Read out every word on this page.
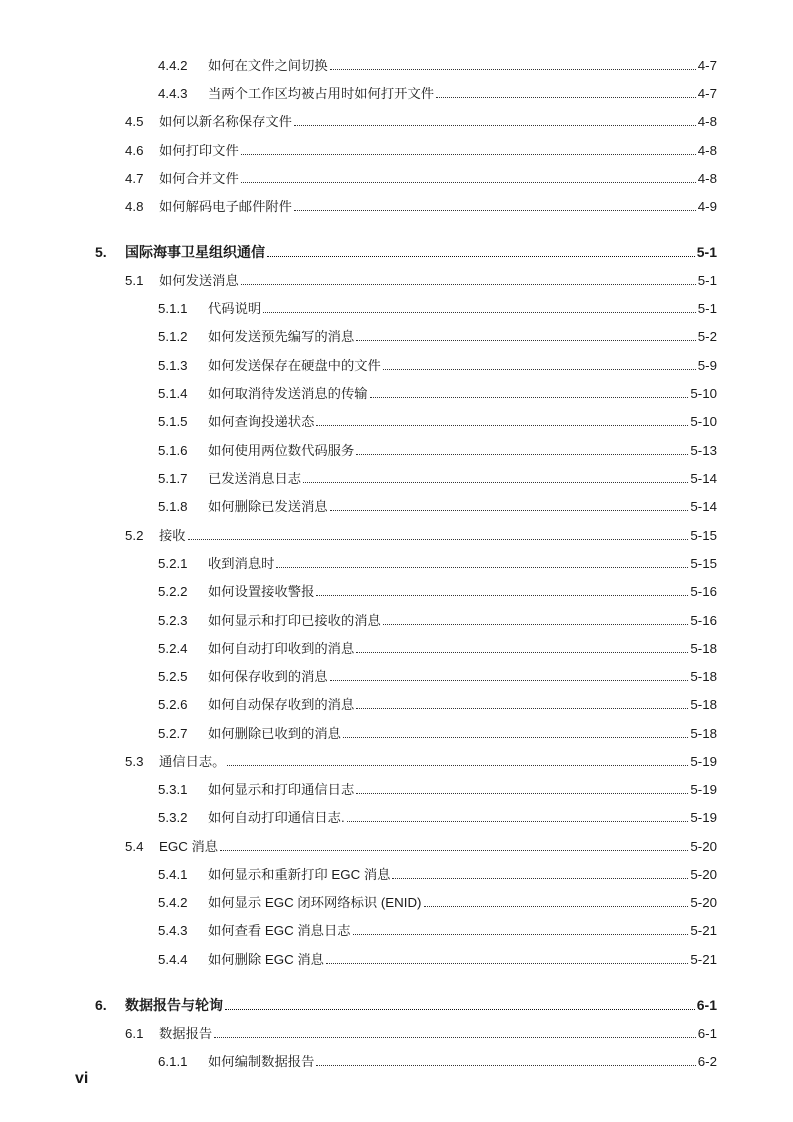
4.4.2	如何在文件之间切换	4-7
4.4.3	当两个工作区均被占用时如何打开文件	4-7
4.5	如何以新名称保存文件	4-8
4.6	如何打印文件	4-8
4.7	如何合并文件	4-8
4.8	如何解码电子邮件附件	4-9
5.	国际海事卫星组织通信	5-1
5.1	如何发送消息	5-1
5.1.1	代码说明	5-1
5.1.2	如何发送预先编写的消息	5-2
5.1.3	如何发送保存在硬盘中的文件	5-9
5.1.4	如何取消待发送消息的传输	5-10
5.1.5	如何查询投递状态	5-10
5.1.6	如何使用两位数代码服务	5-13
5.1.7	已发送消息日志	5-14
5.1.8	如何删除已发送消息	5-14
5.2	接收	5-15
5.2.1	收到消息时	5-15
5.2.2	如何设置接收警报	5-16
5.2.3	如何显示和打印已接收的消息	5-16
5.2.4	如何自动打印收到的消息	5-18
5.2.5	如何保存收到的消息	5-18
5.2.6	如何自动保存收到的消息	5-18
5.2.7	如何删除已收到的消息	5-18
5.3	通信日志。	5-19
5.3.1	如何显示和打印通信日志	5-19
5.3.2	如何自动打印通信日志.	5-19
5.4	EGC 消息	5-20
5.4.1	如何显示和重新打印 EGC 消息	5-20
5.4.2	如何显示 EGC 闭环网络标识 (ENID)	5-20
5.4.3	如何查看 EGC 消息日志	5-21
5.4.4	如何删除 EGC 消息	5-21
6.	数据报告与轮询	6-1
6.1	数据报告	6-1
6.1.1	如何编制数据报告	6-2
vi
